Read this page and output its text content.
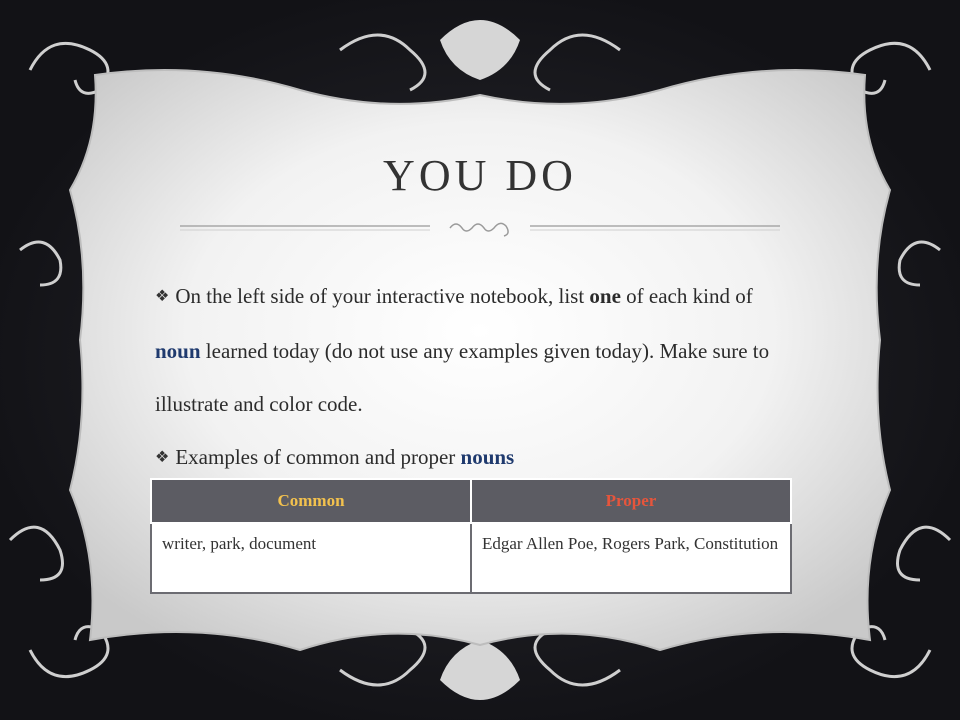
YOU DO

❖ On the left side of your interactive notebook, list one of each kind of noun learned today (do not use any examples given today). Make sure to illustrate and color code.

❖ Examples of common and proper nouns

Common	Proper
writer, park, document	Edgar Allen Poe, Rogers Park, Constitution
